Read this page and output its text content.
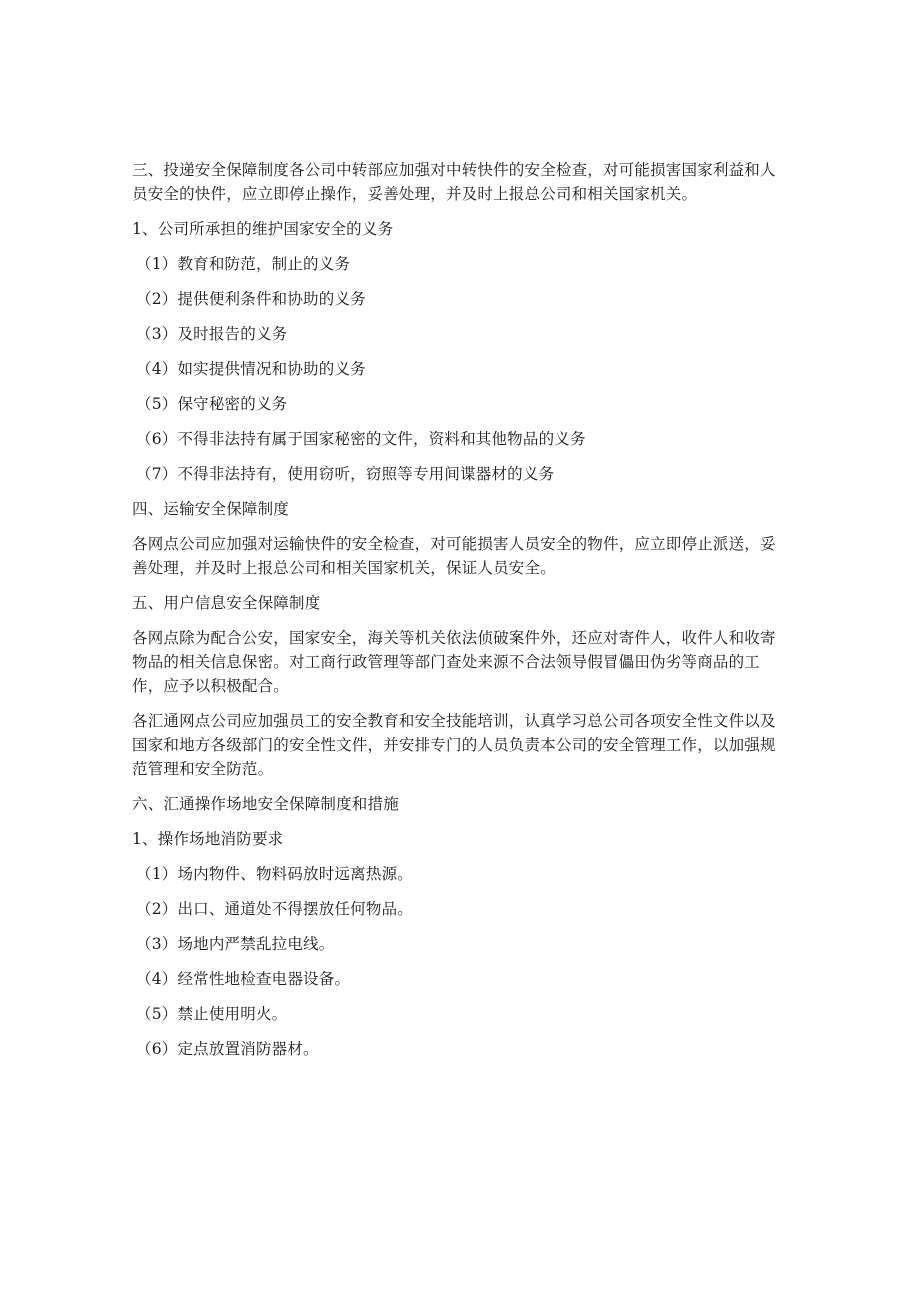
三、投递安全保障制度各公司中转部应加强对中转快件的安全检查，对可能损害国家利益和人员安全的快件，应立即停止操作，妥善处理，并及时上报总公司和相关国家机关。

1、公司所承担的维护国家安全的义务

（1）教育和防范，制止的义务

（2）提供便利条件和协助的义务

（3）及时报告的义务

（4）如实提供情况和协助的义务

（5）保守秘密的义务

（6）不得非法持有属于国家秘密的文件，资料和其他物品的义务

（7）不得非法持有，使用窃听，窃照等专用间谍器材的义务

四、运输安全保障制度

各网点公司应加强对运输快件的安全检查，对可能损害人员安全的物件，应立即停止派送，妥善处理，并及时上报总公司和相关国家机关，保证人员安全。

五、用户信息安全保障制度

各网点除为配合公安，国家安全，海关等机关依法侦破案件外，还应对寄件人，收件人和收寄物品的相关信息保密。对工商行政管理等部门查处来源不合法领导假冒儡田伪劣等商品的工作，应予以积极配合。

各汇通网点公司应加强员工的安全教育和安全技能培训，认真学习总公司各项安全性文件以及国家和地方各级部门的安全性文件，并安排专门的人员负责本公司的安全管理工作，以加强规范管理和安全防范。

六、汇通操作场地安全保障制度和措施

1、操作场地消防要求

（1）场内物件、物料码放时远离热源。

（2）出口、通道处不得摆放任何物品。

（3）场地内严禁乱拉电线。

（4）经常性地检查电器设备。

（5）禁止使用明火。

（6）定点放置消防器材。
